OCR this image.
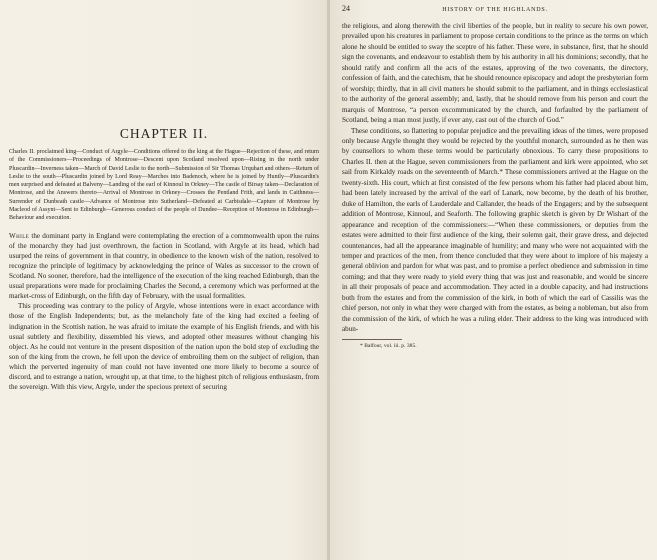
CHAPTER II.

Charles II. proclaimed king—Conduct of Argyle—Conditions offered to the king at the Hague—Rejection of these, and return of the Commissioners—Proceedings of Montrose—Descent upon Scotland resolved upon—Rising in the north under Pluscardin—Inverness taken—March of David Leslie to the north—Submission of Sir Thomas Urquhart and others—Return of Leslie to the south—Pluscardin joined by Lord Reay—Marches into Badenoch, where he is joined by Huntly—Pluscardin's men surprised and defeated at Balveny—Landing of the earl of Kinnoul in Orkney—The castle of Birsay taken—Declaration of Montrose, and the Answers thereto—Arrival of Montrose in Orkney—Crosses the Pentland Frith, and lands in Caithness—Surrender of Dunbeath castle—Advance of Montrose into Sutherland—Defeated at Carbisdale—Capture of Montrose by Macleod of Assynt—Sent to Edinburgh—Generous conduct of the people of Dundee—Reception of Montrose in Edinburgh—Behaviour and execution.

While the dominant party in England were contemplating the erection of a commonwealth upon the ruins of the monarchy they had just overthrown, the faction in Scotland, with Argyle at its head, which had usurped the reins of government in that country, in obedience to the known wish of the nation, resolved to recognize the principle of legitimacy by acknowledging the prince of Wales as successor to the crown of Scotland. No sooner, therefore, had the intelligence of the execution of the king reached Edinburgh, than the usual preparations were made for proclaiming Charles the Second, a ceremony which was performed at the market-cross of Edinburgh, on the fifth day of February, with the usual formalities.

This proceeding was contrary to the policy of Argyle, whose intentions were in exact accordance with those of the English Independents; but, as the melancholy fate of the king had excited a feeling of indignation in the Scottish nation, he was afraid to imitate the example of his English friends, and with his usual subtlety and flexibility, dissembled his views, and adopted other measures without changing his object. As he could not venture in the present disposition of the nation upon the bold step of excluding the son of the king from the crown, he fell upon the device of embroiling them on the subject of religion, than which the perverted ingenuity of man could not have invented one more likely to become a source of discord, and to estrange a nation, wrought up, at that time, to the highest pitch of religious enthusiasm, from the sovereign. With this view, Argyle, under the specious pretext of securing

24	HISTORY OF THE HIGHLANDS.

the religious, and along therewith the civil liberties of the people, but in reality to secure his own power, prevailed upon his creatures in parliament to propose certain conditions to the prince as the terms on which alone he should be entitled to sway the sceptre of his father. These were, in substance, first, that he should sign the covenants, and endeavour to establish them by his authority in all his dominions; secondly, that he should ratify and confirm all the acts of the estates, approving of the two covenants, the directory, confession of faith, and the catechism, that he should renounce episcopacy and adopt the presbyterian form of worship; thirdly, that in all civil matters he should submit to the parliament, and in things ecclesiastical to the authority of the general assembly; and, lastly, that he should remove from his person and court the marquis of Montrose, “a person excommunicated by the church, and forfaulted by the parliament of Scotland, being a man most justly, if ever any, cast out of the church of God.”

These conditions, so flattering to popular prejudice and the prevailing ideas of the times, were proposed only because Argyle thought they would be rejected by the youthful monarch, surrounded as he then was by counsellors to whom these terms would be particularly obnoxious. To carry these propositions to Charles II. then at the Hague, seven commissioners from the parliament and kirk were appointed, who set sail from Kirkaldy roads on the seventeenth of March.* These commissioners arrived at the Hague on the twenty-sixth. His court, which at first consisted of the few persons whom his father had placed about him, had been lately increased by the arrival of the earl of Lanark, now become, by the death of his brother, duke of Hamilton, the earls of Lauderdale and Callander, the heads of the Engagers; and by the subsequent addition of Montrose, Kinnoul, and Seaforth. The following graphic sketch is given by Dr Wishart of the appearance and reception of the commissioners:—“When these commissioners, or deputies from the estates were admitted to their first audience of the king, their solemn gait, their grave dress, and dejected countenances, had all the appearance imaginable of humility; and many who were not acquainted with the temper and practices of the men, from thence concluded that they were about to implore of his majesty a general oblivion and pardon for what was past, and to promise a perfect obedience and submission in time coming; and that they were ready to yield every thing that was just and reasonable, and would be sincere in all their proposals of peace and accommodation. They acted in a double capacity, and had instructions both from the estates and from the commission of the kirk, in both of which the earl of Cassilis was the chief person, not only in what they were charged with from the estates, as being a nobleman, but also from the commission of the kirk, of which he was a ruling elder. Their address to the king was introduced with abun-

* Balfour, vol. iii. p. 385.
